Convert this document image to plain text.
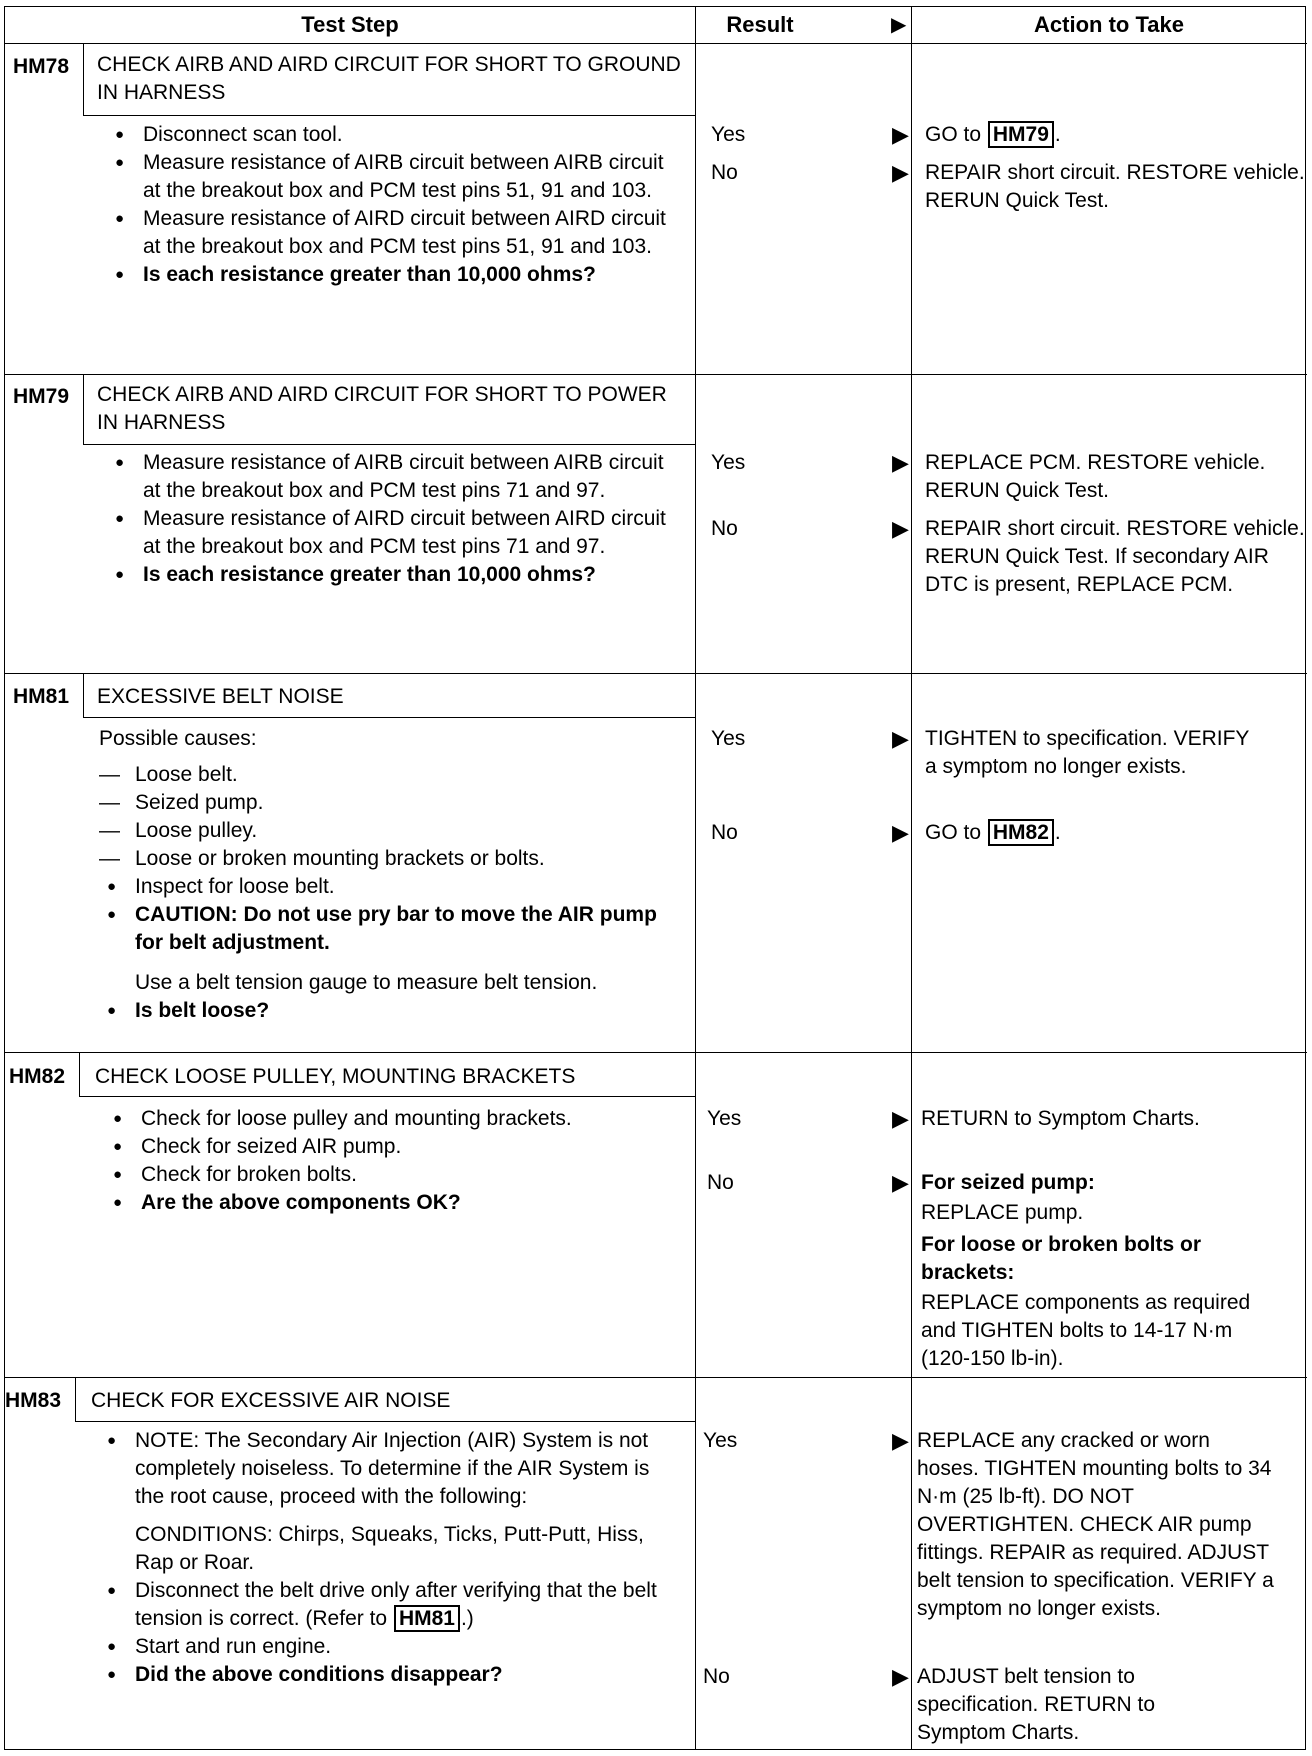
Test Step	Result	▶	Action to Take
HM78	CHECK AIRB AND AIRD CIRCUIT FOR SHORT TO GROUND IN HARNESS
● Disconnect scan tool.
● Measure resistance of AIRB circuit between AIRB circuit at the breakout box and PCM test pins 51, 91 and 103.
● Measure resistance of AIRD circuit between AIRD circuit at the breakout box and PCM test pins 51, 91 and 103.
● Is each resistance greater than 10,000 ohms?
Yes	▶ GO to HM79 .
No	▶ REPAIR short circuit. RESTORE vehicle. RERUN Quick Test.
HM79	CHECK AIRB AND AIRD CIRCUIT FOR SHORT TO POWER IN HARNESS
● Measure resistance of AIRB circuit between AIRB circuit at the breakout box and PCM test pins 71 and 97.
● Measure resistance of AIRD circuit between AIRD circuit at the breakout box and PCM test pins 71 and 97.
● Is each resistance greater than 10,000 ohms?
Yes	▶ REPLACE PCM. RESTORE vehicle. RERUN Quick Test.
No	▶ REPAIR short circuit. RESTORE vehicle. RERUN Quick Test. If secondary AIR DTC is present, REPLACE PCM.
HM81	EXCESSIVE BELT NOISE
Possible causes:
— Loose belt.
— Seized pump.
— Loose pulley.
— Loose or broken mounting brackets or bolts.
● Inspect for loose belt.
● CAUTION: Do not use pry bar to move the AIR pump for belt adjustment.
Use a belt tension gauge to measure belt tension.
● Is belt loose?
Yes	▶ TIGHTEN to specification. VERIFY a symptom no longer exists.
No	▶ GO to HM82 .
HM82	CHECK LOOSE PULLEY, MOUNTING BRACKETS
● Check for loose pulley and mounting brackets.
● Check for seized AIR pump.
● Check for broken bolts.
● Are the above components OK?
Yes	▶ RETURN to Symptom Charts.
No	▶ For seized pump:
REPLACE pump.
For loose or broken bolts or brackets:
REPLACE components as required and TIGHTEN bolts to 14-17 N·m (120-150 lb-in).
HM83	CHECK FOR EXCESSIVE AIR NOISE
● NOTE: The Secondary Air Injection (AIR) System is not completely noiseless. To determine if the AIR System is the root cause, proceed with the following:
CONDITIONS: Chirps, Squeaks, Ticks, Putt-Putt, Hiss, Rap or Roar.
● Disconnect the belt drive only after verifying that the belt tension is correct. (Refer to HM81 .)
● Start and run engine.
● Did the above conditions disappear?
Yes	▶ REPLACE any cracked or worn hoses. TIGHTEN mounting bolts to 34 N·m (25 lb-ft). DO NOT OVERTIGHTEN. CHECK AIR pump fittings. REPAIR as required. ADJUST belt tension to specification. VERIFY a symptom no longer exists.
No	▶ ADJUST belt tension to specification. RETURN to Symptom Charts.
